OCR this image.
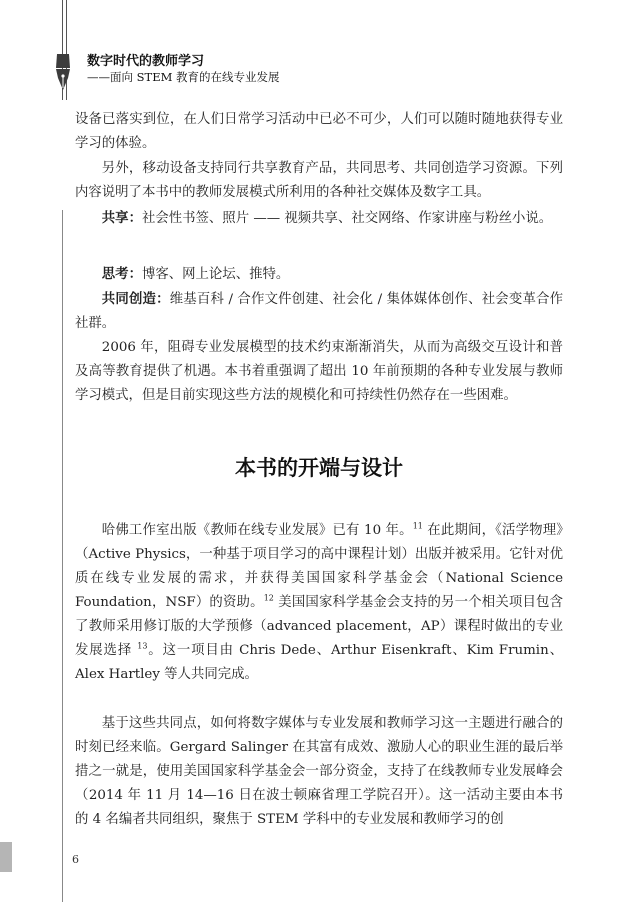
数字时代的教师学习
——面向 STEM 教育的在线专业发展
设备已落实到位，在人们日常学习活动中已必不可少，人们可以随时随地获得专业学习的体验。
另外，移动设备支持同行共享教育产品，共同思考、共同创造学习资源。下列内容说明了本书中的教师发展模式所利用的各种社交媒体及数字工具。
共享：社会性书签、照片 —— 视频共享、社交网络、作家讲座与粉丝小说。
思考：博客、网上论坛、推特。
共同创造：维基百科 / 合作文件创建、社会化 / 集体媒体创作、社会变革合作社群。
2006 年，阻碍专业发展模型的技术约束渐渐消失，从而为高级交互设计和普及高等教育提供了机遇。本书着重强调了超出 10 年前预期的各种专业发展与教师学习模式，但是目前实现这些方法的规模化和可持续性仍然存在一些困难。
本书的开端与设计
哈佛工作室出版《教师在线专业发展》已有 10 年。$^{11}$ 在此期间，《活学物理》（Active Physics，一种基于项目学习的高中课程计划）出版并被采用。它针对优质在线专业发展的需求，并获得美国国家科学基金会（National Science Foundation，NSF）的资助。$^{12}$ 美国国家科学基金会支持的另一个相关项目包含了教师采用修订版的大学预修（advanced placement，AP）课程时做出的专业发展选择 $^{13}$。这一项目由 Chris Dede、Arthur Eisenkraft、Kim Frumin、Alex Hartley 等人共同完成。
基于这些共同点，如何将数字媒体与专业发展和教师学习这一主题进行融合的时刻已经来临。Gergard Salinger 在其富有成效、激励人心的职业生涯的最后举措之一就是，使用美国国家科学基金会一部分资金，支持了在线教师专业发展峰会（2014 年 11 月 14—16 日在波士顿麻省理工学院召开）。这一活动主要由本书的 4 名编者共同组织，聚焦于 STEM 学科中的专业发展和教师学习的创
6
